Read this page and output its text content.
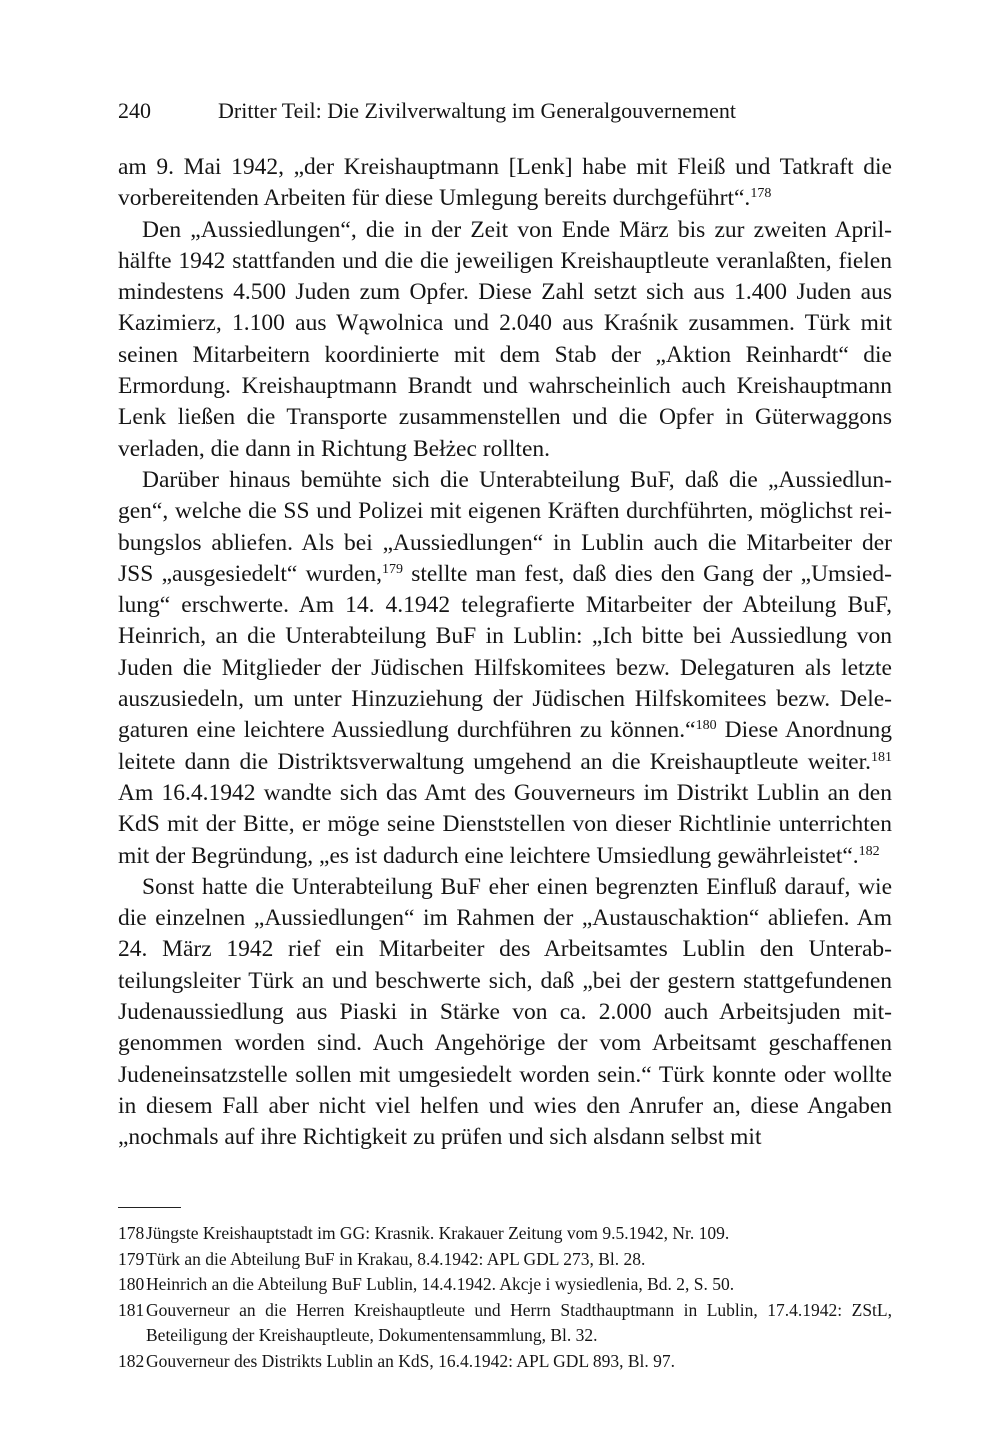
240	Dritter Teil: Die Zivilverwaltung im Generalgouvernement

am 9. Mai 1942, „der Kreishauptmann [Lenk] habe mit Fleiß und Tatkraft die vorbereitenden Arbeiten für diese Umlegung bereits durchgeführt“.$^{178}$

Den „Aussiedlungen“, die in der Zeit von Ende März bis zur zweiten Aprilhälfte 1942 stattfanden und die die jeweiligen Kreishauptleute veranlaßten, fielen mindestens 4.500 Juden zum Opfer. Diese Zahl setzt sich aus 1.400 Juden aus Kazimierz, 1.100 aus Wąwolnica und 2.040 aus Kraśnik zusammen. Türk mit seinen Mitarbeitern koordinierte mit dem Stab der „Aktion Reinhardt“ die Ermordung. Kreishauptmann Brandt und wahrscheinlich auch Kreishauptmann Lenk ließen die Transporte zusammenstellen und die Opfer in Güterwaggons verladen, die dann in Richtung Bełżec rollten.

Darüber hinaus bemühte sich die Unterabteilung BuF, daß die „Aussiedlungen“, welche die SS und Polizei mit eigenen Kräften durchführten, möglichst reibungslos abliefen. Als bei „Aussiedlungen“ in Lublin auch die Mitarbeiter der JSS „ausgesiedelt“ wurden,$^{179}$ stellte man fest, daß dies den Gang der „Umsiedlung“ erschwerte. Am 14. 4.1942 telegrafierte Mitarbeiter der Abteilung BuF, Heinrich, an die Unterabteilung BuF in Lublin: „Ich bitte bei Aussiedlung von Juden die Mitglieder der Jüdischen Hilfskomitees bezw. Delegaturen als letzte auszusiedeln, um unter Hinzuziehung der Jüdischen Hilfskomitees bezw. Delegaturen eine leichtere Aussiedlung durchführen zu können.“$^{180}$ Diese Anordnung leitete dann die Distriktsverwaltung umgehend an die Kreishauptleute weiter.$^{181}$ Am 16.4.1942 wandte sich das Amt des Gouverneurs im Distrikt Lublin an den KdS mit der Bitte, er möge seine Dienststellen von dieser Richtlinie unterrichten mit der Begründung, „es ist dadurch eine leichtere Umsiedlung gewährleistet“.$^{182}$

Sonst hatte die Unterabteilung BuF eher einen begrenzten Einfluß darauf, wie die einzelnen „Aussiedlungen“ im Rahmen der „Austauschaktion“ abliefen. Am 24. März 1942 rief ein Mitarbeiter des Arbeitsamtes Lublin den Unterabteilungsleiter Türk an und beschwerte sich, daß „bei der gestern stattgefundenen Judenaussiedlung aus Piaski in Stärke von ca. 2.000 auch Arbeitsjuden mitgenommen worden sind. Auch Angehörige der vom Arbeitsamt geschaffenen Judeneinsatzstelle sollen mit umgesiedelt worden sein.“ Türk konnte oder wollte in diesem Fall aber nicht viel helfen und wies den Anrufer an, diese Angaben „nochmals auf ihre Richtigkeit zu prüfen und sich alsdann selbst mit

178 Jüngste Kreishauptstadt im GG: Krasnik. Krakauer Zeitung vom 9.5.1942, Nr. 109.
179 Türk an die Abteilung BuF in Krakau, 8.4.1942: APL GDL 273, Bl. 28.
180 Heinrich an die Abteilung BuF Lublin, 14.4.1942. Akcje i wysiedlenia, Bd. 2, S. 50.
181 Gouverneur an die Herren Kreishauptleute und Herrn Stadthauptmann in Lublin, 17.4.1942: ZStL, Beteiligung der Kreishauptleute, Dokumentensammlung, Bl. 32.
182 Gouverneur des Distrikts Lublin an KdS, 16.4.1942: APL GDL 893, Bl. 97.
